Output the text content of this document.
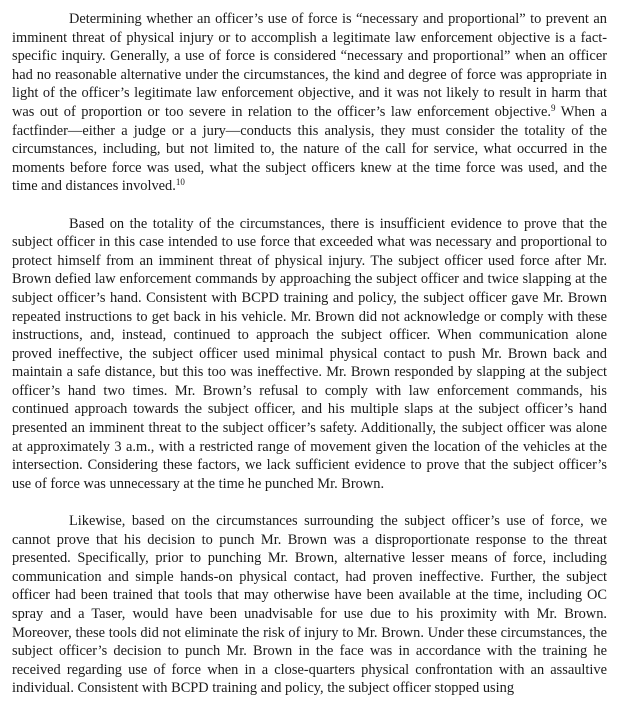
Determining whether an officer’s use of force is “necessary and proportional” to prevent an imminent threat of physical injury or to accomplish a legitimate law enforcement objective is a fact-specific inquiry. Generally, a use of force is considered “necessary and proportional” when an officer had no reasonable alternative under the circumstances, the kind and degree of force was appropriate in light of the officer’s legitimate law enforcement objective, and it was not likely to result in harm that was out of proportion or too severe in relation to the officer’s law enforcement objective.$^9$ When a factfinder—either a judge or a jury—conducts this analysis, they must consider the totality of the circumstances, including, but not limited to, the nature of the call for service, what occurred in the moments before force was used, what the subject officers knew at the time force was used, and the time and distances involved.$^{10}$

Based on the totality of the circumstances, there is insufficient evidence to prove that the subject officer in this case intended to use force that exceeded what was necessary and proportional to protect himself from an imminent threat of physical injury. The subject officer used force after Mr. Brown defied law enforcement commands by approaching the subject officer and twice slapping at the subject officer’s hand. Consistent with BCPD training and policy, the subject officer gave Mr. Brown repeated instructions to get back in his vehicle. Mr. Brown did not acknowledge or comply with these instructions, and, instead, continued to approach the subject officer. When communication alone proved ineffective, the subject officer used minimal physical contact to push Mr. Brown back and maintain a safe distance, but this too was ineffective. Mr. Brown responded by slapping at the subject officer’s hand two times. Mr. Brown’s refusal to comply with law enforcement commands, his continued approach towards the subject officer, and his multiple slaps at the subject officer’s hand presented an imminent threat to the subject officer’s safety. Additionally, the subject officer was alone at approximately 3 a.m., with a restricted range of movement given the location of the vehicles at the intersection. Considering these factors, we lack sufficient evidence to prove that the subject officer’s use of force was unnecessary at the time he punched Mr. Brown.

Likewise, based on the circumstances surrounding the subject officer’s use of force, we cannot prove that his decision to punch Mr. Brown was a disproportionate response to the threat presented. Specifically, prior to punching Mr. Brown, alternative lesser means of force, including communication and simple hands-on physical contact, had proven ineffective. Further, the subject officer had been trained that tools that may otherwise have been available at the time, including OC spray and a Taser, would have been unadvisable for use due to his proximity with Mr. Brown. Moreover, these tools did not eliminate the risk of injury to Mr. Brown. Under these circumstances, the subject officer’s decision to punch Mr. Brown in the face was in accordance with the training he received regarding use of force when in a close-quarters physical confrontation with an assaultive individual. Consistent with BCPD training and policy, the subject officer stopped using
